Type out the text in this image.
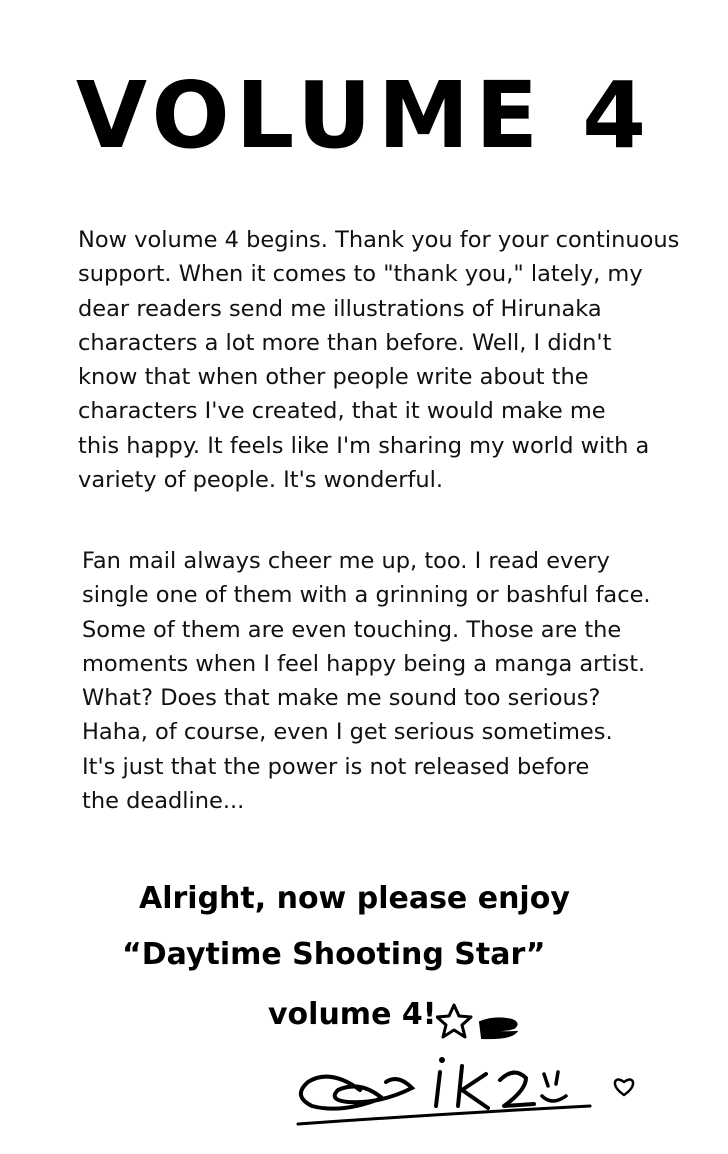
VOLUME 4
Now volume 4 begins. Thank you for your continuous
support. When it comes to "thank you," lately, my
dear readers send me illustrations of Hirunaka
characters a lot more than before. Well, I didn't
know that when other people write about the
characters I've created, that it would make me
this happy. It feels like I'm sharing my world with a
variety of people. It's wonderful.
Fan mail always cheer me up, too. I read every
single one of them with a grinning or bashful face.
Some of them are even touching. Those are the
moments when I feel happy being a manga artist.
What? Does that make me sound too serious?
Haha, of course, even I get serious sometimes.
It's just that the power is not released before
the deadline...
Alright, now please enjoy
“Daytime Shooting Star”
volume 4!
